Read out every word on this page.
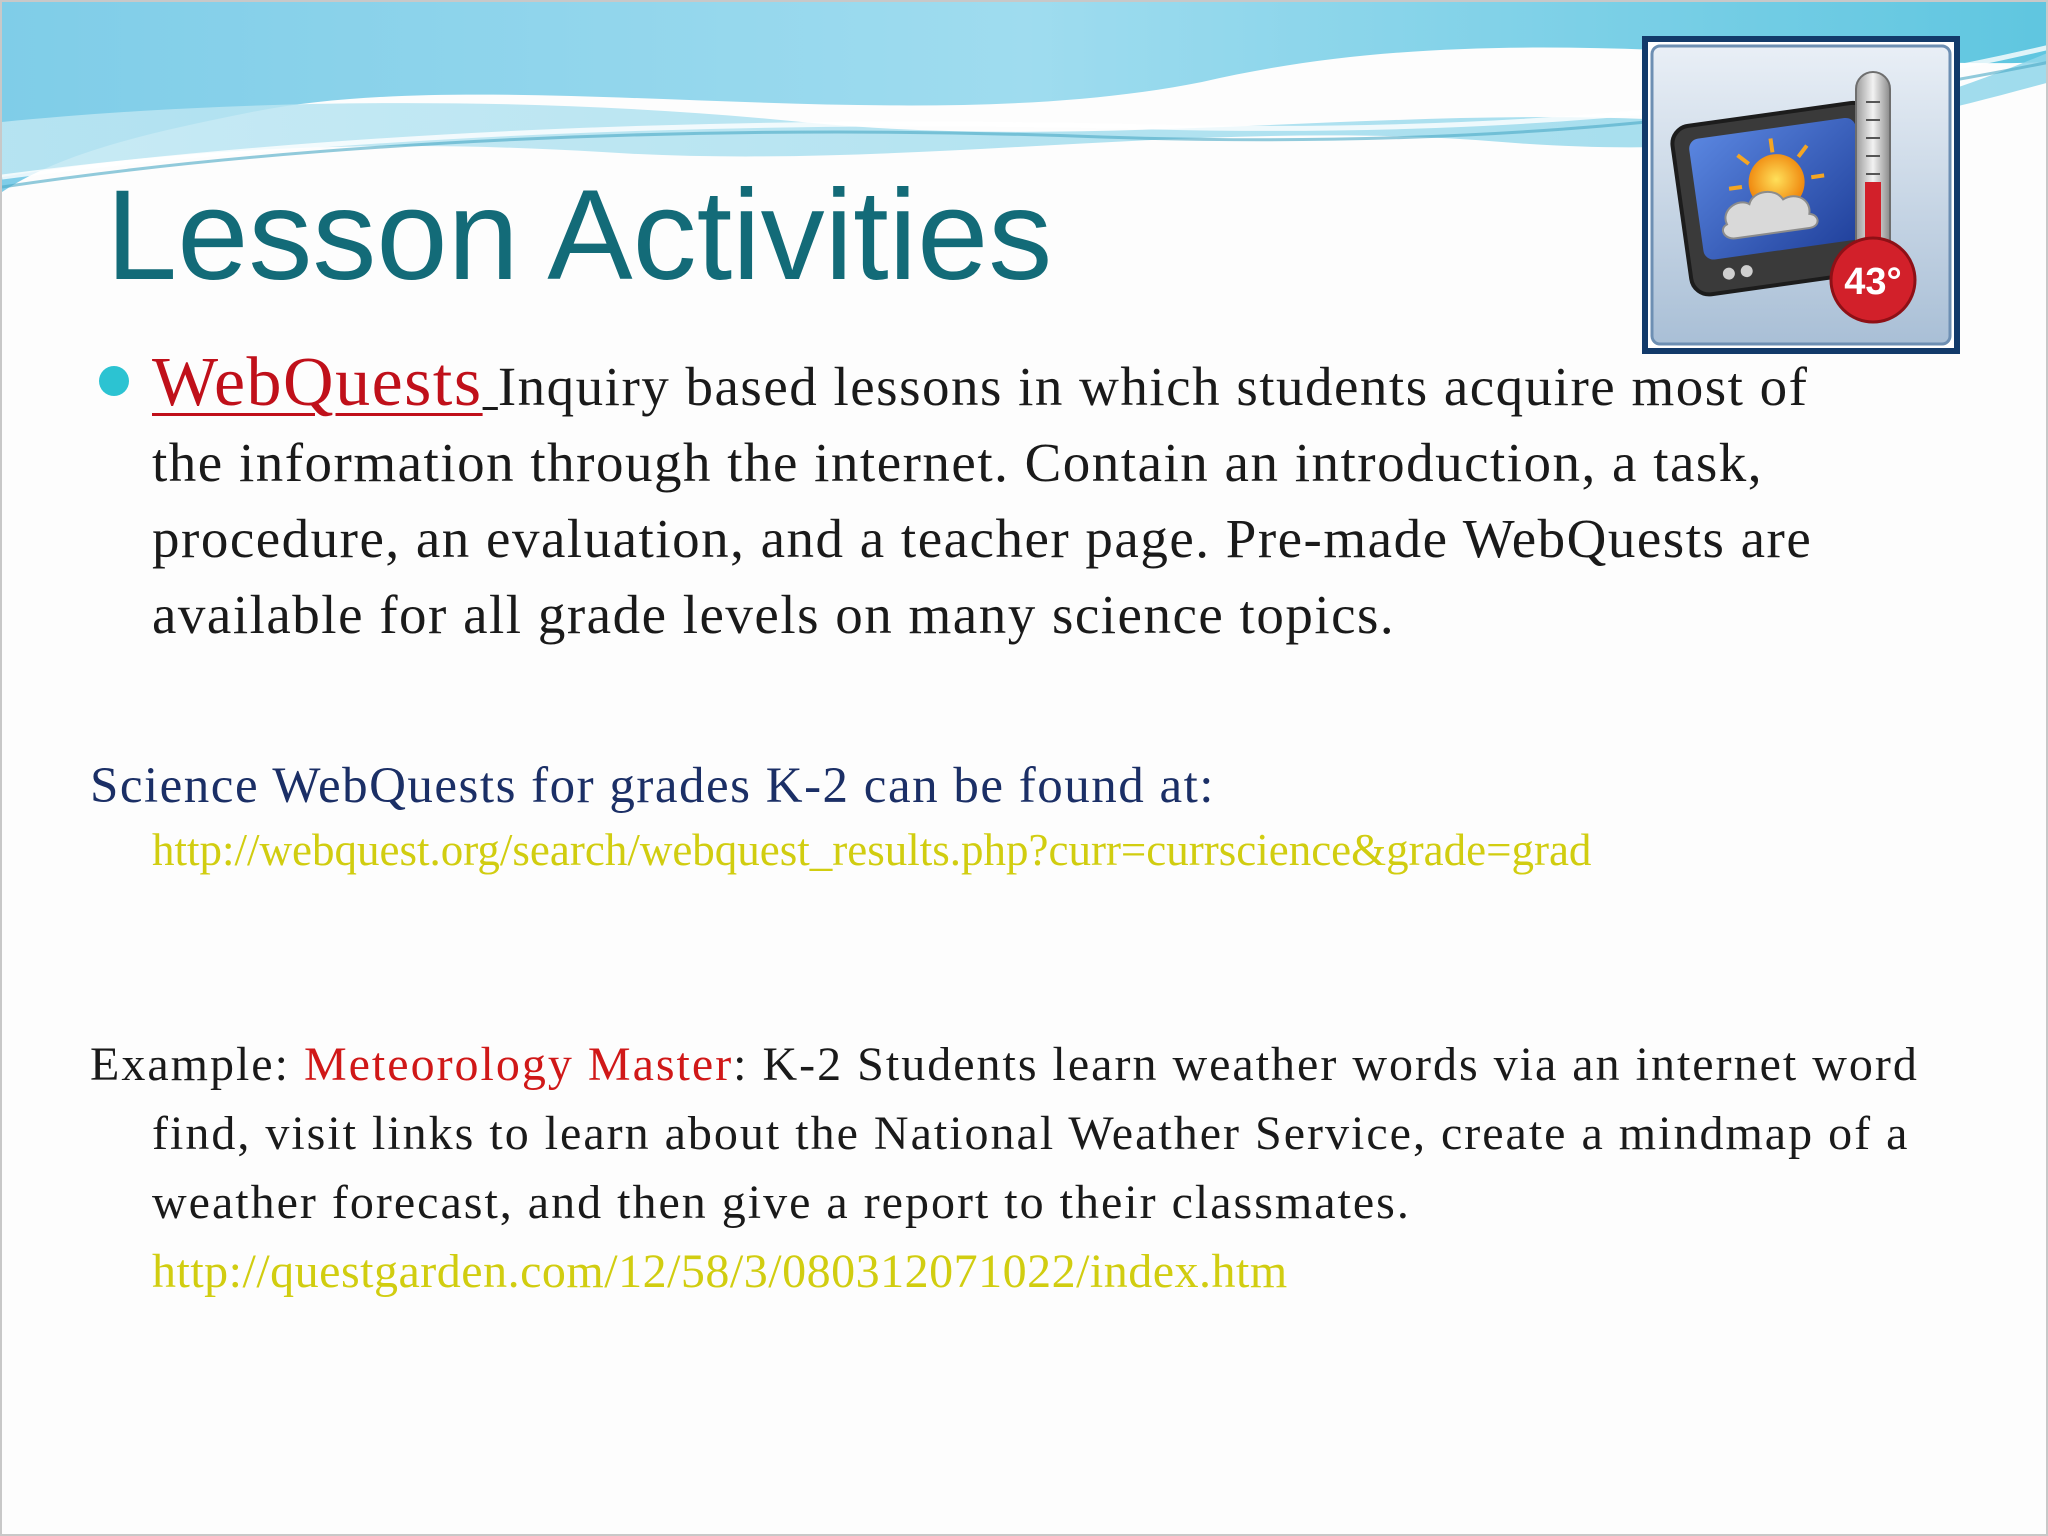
Lesson Activities	43°

WebQuests Inquiry based lessons in which students acquire most of the information through the internet. Contain an introduction, a task, procedure, an evaluation, and a teacher page. Pre-made WebQuests are available for all grade levels on many science topics.

Science WebQuests for grades K-2 can be found at:

http://webquest.org/search/webquest_results.php?curr=currscience&grade=grad

Example: Meteorology Master: K-2 Students learn weather words via an internet word find, visit links to learn about the National Weather Service, create a mindmap of a weather forecast, and then give a report to their classmates. http://questgarden.com/12/58/3/080312071022/index.htm
